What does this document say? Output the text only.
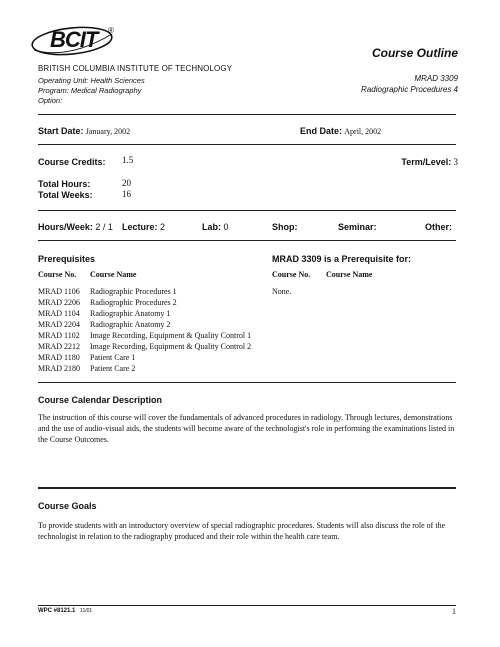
BCIT ®
BRITISH COLUMBIA INSTITUTE OF TECHNOLOGY
Operating Unit: Health Sciences
Program: Medical Radiography
Option:
Course Outline
MRAD 3309
Radiographic Procedures 4
Start Date: January, 2002	End Date: April, 2002
Course Credits: 1.5	Term/Level: 3
Total Hours:	20
Total Weeks:	16
Hours/Week: 2 / 1 Lecture: 2	Lab: 0	Shop:	Seminar:	Other:
Prerequisites
Course No. Course Name
MRAD 1106 Radiographic Procedures 1
MRAD 2206 Radiographic Procedures 2
MRAD 1104 Radiographic Anatomy 1
MRAD 2204 Radiographic Anatomy 2
MRAD 1102 Image Recording, Equipment & Quality Control 1
MRAD 2212 Image Recording, Equipment & Quality Control 2
MRAD 1180 Patient Care 1
MRAD 2180 Patient Care 2
MRAD 3309 is a Prerequisite for:
Course No. Course Name
None.
Course Calendar Description

The instruction of this course will cover the fundamentals of advanced procedures in radiology. Through lectures, demonstrations and the use of audio-visual aids, the students will become aware of the technologist's role in performing the examinations listed in the Course Outcomes.

Course Goals

To provide students with an introductory overview of special radiographic procedures. Students will also discuss the role of the technologist in relation to the radiography produced and their role within the health care team.

WPC #8121.1 11/01	1
